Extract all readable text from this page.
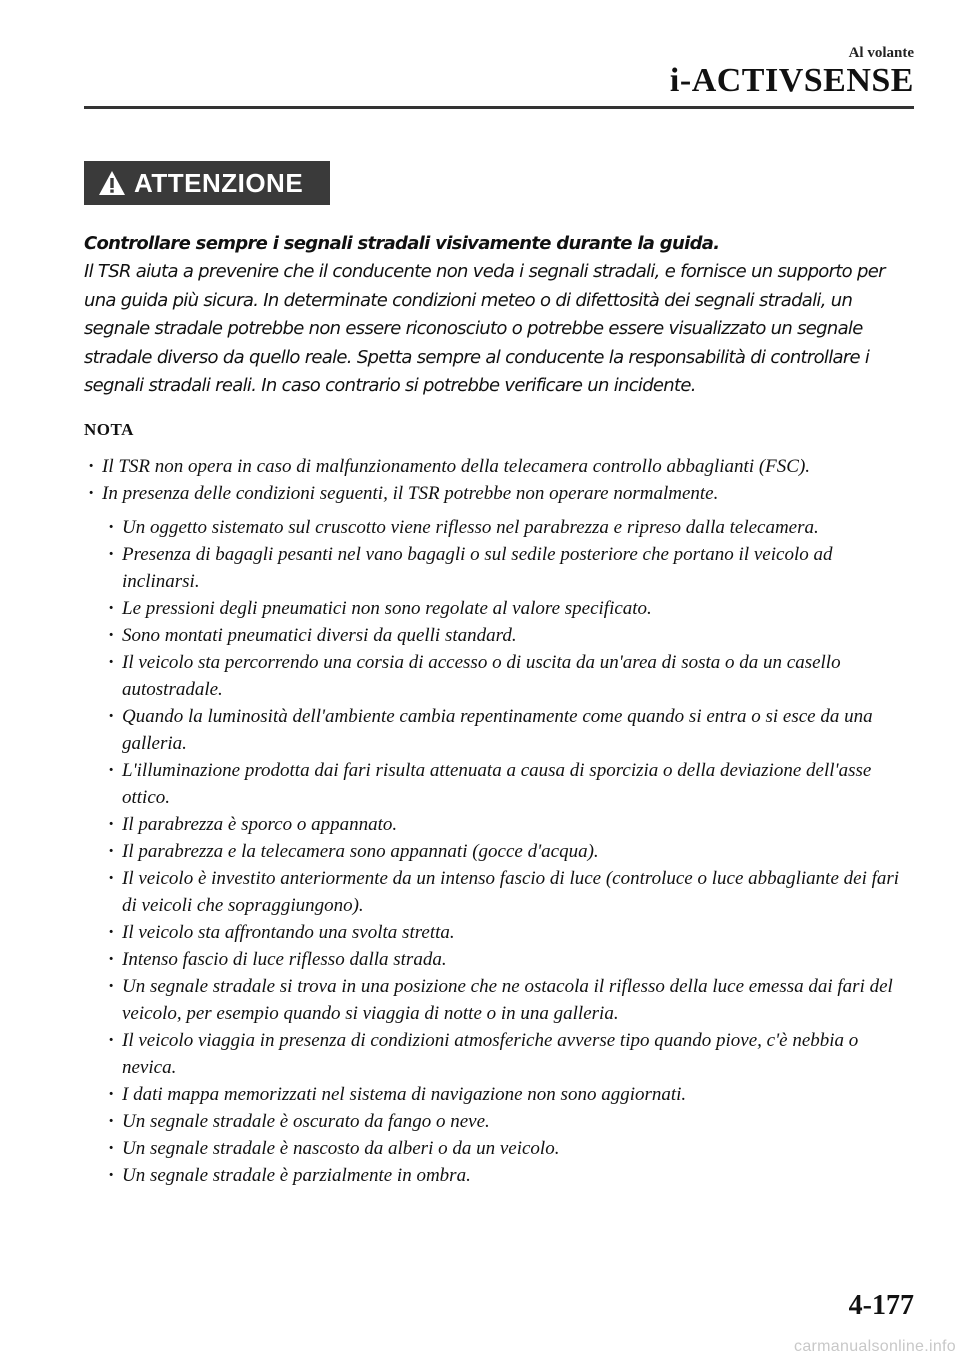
Al volante
i-ACTIVSENSE
ATTENZIONE
Controllare sempre i segnali stradali visivamente durante la guida.
Il TSR aiuta a prevenire che il conducente non veda i segnali stradali, e fornisce un supporto per una guida più sicura. In determinate condizioni meteo o di difettosità dei segnali stradali, un segnale stradale potrebbe non essere riconosciuto o potrebbe essere visualizzato un segnale stradale diverso da quello reale. Spetta sempre al conducente la responsabilità di controllare i segnali stradali reali. In caso contrario si potrebbe verificare un incidente.
NOTA
· Il TSR non opera in caso di malfunzionamento della telecamera controllo abbaglianti (FSC).
· In presenza delle condizioni seguenti, il TSR potrebbe non operare normalmente.
· Un oggetto sistemato sul cruscotto viene riflesso nel parabrezza e ripreso dalla telecamera.
· Presenza di bagagli pesanti nel vano bagagli o sul sedile posteriore che portano il veicolo ad inclinarsi.
· Le pressioni degli pneumatici non sono regolate al valore specificato.
· Sono montati pneumatici diversi da quelli standard.
· Il veicolo sta percorrendo una corsia di accesso o di uscita da un'area di sosta o da un casello autostradale.
· Quando la luminosità dell'ambiente cambia repentinamente come quando si entra o si esce da una galleria.
· L'illuminazione prodotta dai fari risulta attenuata a causa di sporcizia o della deviazione dell'asse ottico.
· Il parabrezza è sporco o appannato.
· Il parabrezza e la telecamera sono appannati (gocce d'acqua).
· Il veicolo è investito anteriormente da un intenso fascio di luce (controluce o luce abbagliante dei fari di veicoli che sopraggiungono).
· Il veicolo sta affrontando una svolta stretta.
· Intenso fascio di luce riflesso dalla strada.
· Un segnale stradale si trova in una posizione che ne ostacola il riflesso della luce emessa dai fari del veicolo, per esempio quando si viaggia di notte o in una galleria.
· Il veicolo viaggia in presenza di condizioni atmosferiche avverse tipo quando piove, c'è nebbia o nevica.
· I dati mappa memorizzati nel sistema di navigazione non sono aggiornati.
· Un segnale stradale è oscurato da fango o neve.
· Un segnale stradale è nascosto da alberi o da un veicolo.
· Un segnale stradale è parzialmente in ombra.
4-177
carmanualsonline.info
